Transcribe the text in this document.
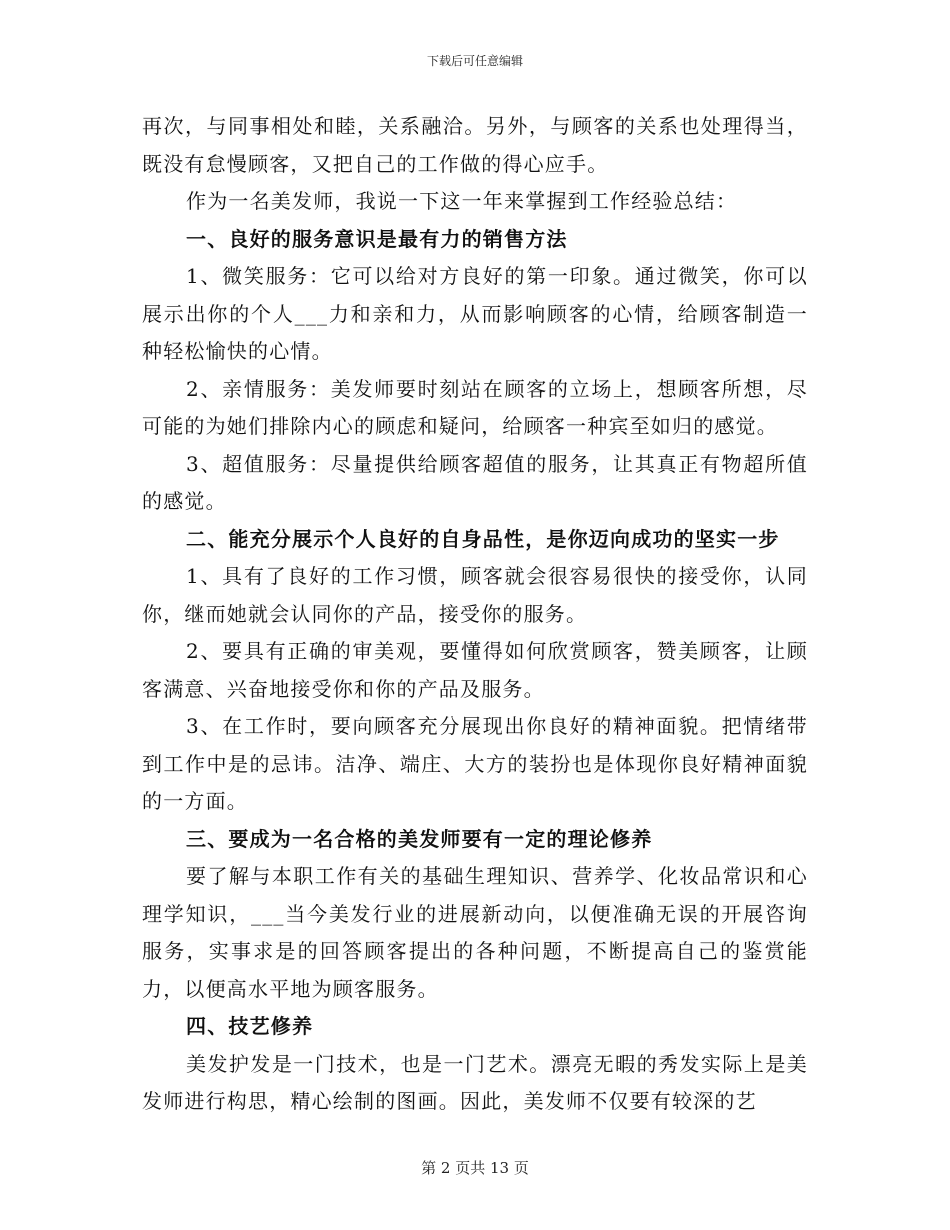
下载后可任意编辑

再次，与同事相处和睦，关系融洽。另外，与顾客的关系也处理得当，既没有怠慢顾客，又把自己的工作做的得心应手。

作为一名美发师，我说一下这一年来掌握到工作经验总结：

一、良好的服务意识是最有力的销售方法

1、微笑服务：它可以给对方良好的第一印象。通过微笑，你可以展示出你的个人___力和亲和力，从而影响顾客的心情，给顾客制造一种轻松愉快的心情。

2、亲情服务：美发师要时刻站在顾客的立场上，想顾客所想，尽可能的为她们排除内心的顾虑和疑问，给顾客一种宾至如归的感觉。

3、超值服务：尽量提供给顾客超值的服务，让其真正有物超所值的感觉。

二、能充分展示个人良好的自身品性，是你迈向成功的坚实一步

1、具有了良好的工作习惯，顾客就会很容易很快的接受你，认同你，继而她就会认同你的产品，接受你的服务。

2、要具有正确的审美观，要懂得如何欣赏顾客，赞美顾客，让顾客满意、兴奋地接受你和你的产品及服务。

3、在工作时，要向顾客充分展现出你良好的精神面貌。把情绪带到工作中是的忌讳。洁净、端庄、大方的装扮也是体现你良好精神面貌的一方面。

三、要成为一名合格的美发师要有一定的理论修养

要了解与本职工作有关的基础生理知识、营养学、化妆品常识和心理学知识，___当今美发行业的进展新动向，以便准确无误的开展咨询服务，实事求是的回答顾客提出的各种问题，不断提高自己的鉴赏能力，以便高水平地为顾客服务。

四、技艺修养

美发护发是一门技术，也是一门艺术。漂亮无暇的秀发实际上是美发师进行构思，精心绘制的图画。因此，美发师不仅要有较深的艺

第 2 页共 13 页
